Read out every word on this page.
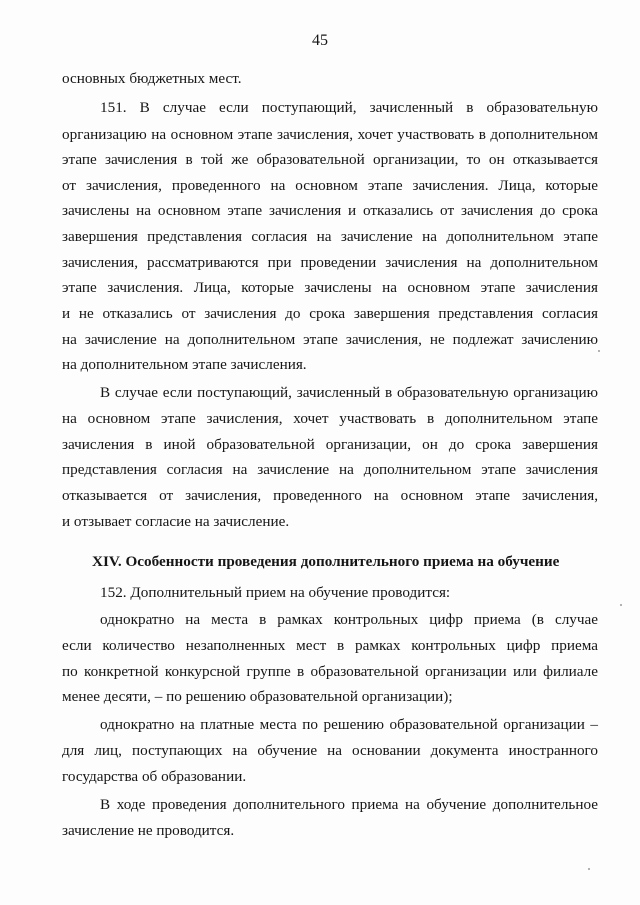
45
основных бюджетных мест.
151. В случае если поступающий, зачисленный в образовательную
организацию на основном этапе зачисления, хочет участвовать в дополнительном
этапе зачисления в той же образовательной организации, то он отказывается
от зачисления, проведенного на основном этапе зачисления. Лица, которые
зачислены на основном этапе зачисления и отказались от зачисления до срока
завершения представления согласия на зачисление на дополнительном этапе
зачисления, рассматриваются при проведении зачисления на дополнительном
этапе зачисления. Лица, которые зачислены на основном этапе зачисления
и не отказались от зачисления до срока завершения представления согласия
на зачисление на дополнительном этапе зачисления, не подлежат зачислению
на дополнительном этапе зачисления.
В случае если поступающий, зачисленный в образовательную организацию
на основном этапе зачисления, хочет участвовать в дополнительном этапе
зачисления в иной образовательной организации, он до срока завершения
представления согласия на зачисление на дополнительном этапе зачисления
отказывается от зачисления, проведенного на основном этапе зачисления,
и отзывает согласие на зачисление.
XIV. Особенности проведения дополнительного приема на обучение
152. Дополнительный прием на обучение проводится:
однократно на места в рамках контрольных цифр приема (в случае
если количество незаполненных мест в рамках контрольных цифр приема
по конкретной конкурсной группе в образовательной организации или филиале
менее десяти, – по решению образовательной организации);
однократно на платные места по решению образовательной организации –
для лиц, поступающих на обучение на основании документа иностранного
государства об образовании.
В ходе проведения дополнительного приема на обучение дополнительное
зачисление не проводится.
